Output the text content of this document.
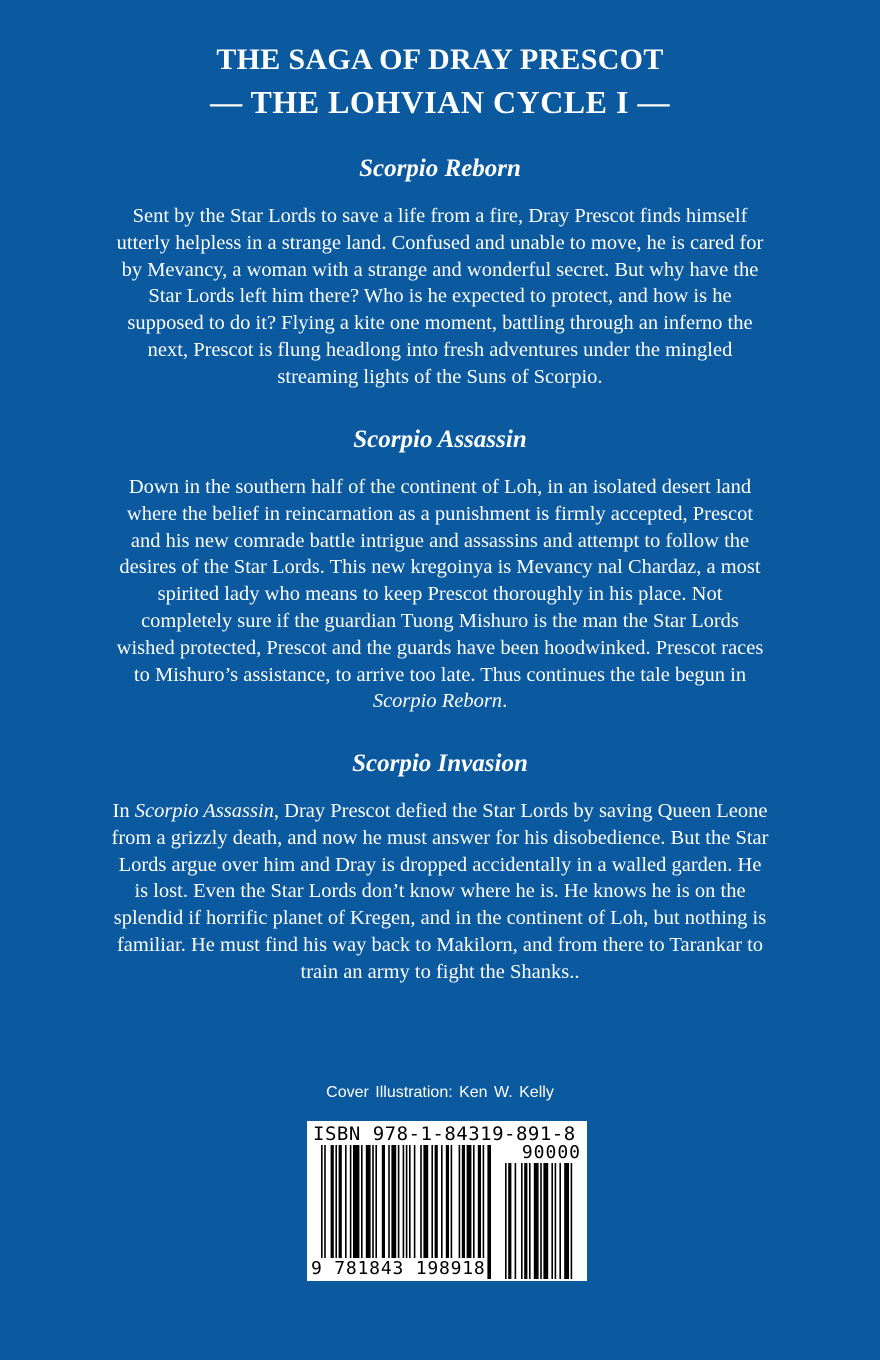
THE SAGA OF DRAY PRESCOT
— THE LOHVIAN CYCLE I —
Scorpio Reborn

Sent by the Star Lords to save a life from a fire, Dray Prescot finds himself utterly helpless in a strange land. Confused and unable to move, he is cared for by Mevancy, a woman with a strange and wonderful secret. But why have the Star Lords left him there? Who is he expected to protect, and how is he supposed to do it? Flying a kite one moment, battling through an inferno the next, Prescot is flung headlong into fresh adventures under the mingled streaming lights of the Suns of Scorpio.

Scorpio Assassin

Down in the southern half of the continent of Loh, in an isolated desert land where the belief in reincarnation as a punishment is firmly accepted, Prescot and his new comrade battle intrigue and assassins and attempt to follow the desires of the Star Lords. This new kregoinya is Mevancy nal Chardaz, a most spirited lady who means to keep Prescot thoroughly in his place. Not completely sure if the guardian Tuong Mishuro is the man the Star Lords wished protected, Prescot and the guards have been hoodwinked. Prescot races to Mishuro’s assistance, to arrive too late. Thus continues the tale begun in Scorpio Reborn.

Scorpio Invasion

In Scorpio Assassin, Dray Prescot defied the Star Lords by saving Queen Leone from a grizzly death, and now he must answer for his disobedience. But the Star Lords argue over him and Dray is dropped accidentally in a walled garden. He is lost. Even the Star Lords don’t know where he is. He knows he is on the splendid if horrific planet of Kregen, and in the continent of Loh, but nothing is familiar. He must find his way back to Makilorn, and from there to Tarankar to train an army to fight the Shanks..

Cover Illustration: Ken W. Kelly
ISBN 978-1-84319-891-8
90000
9 781843 198918
